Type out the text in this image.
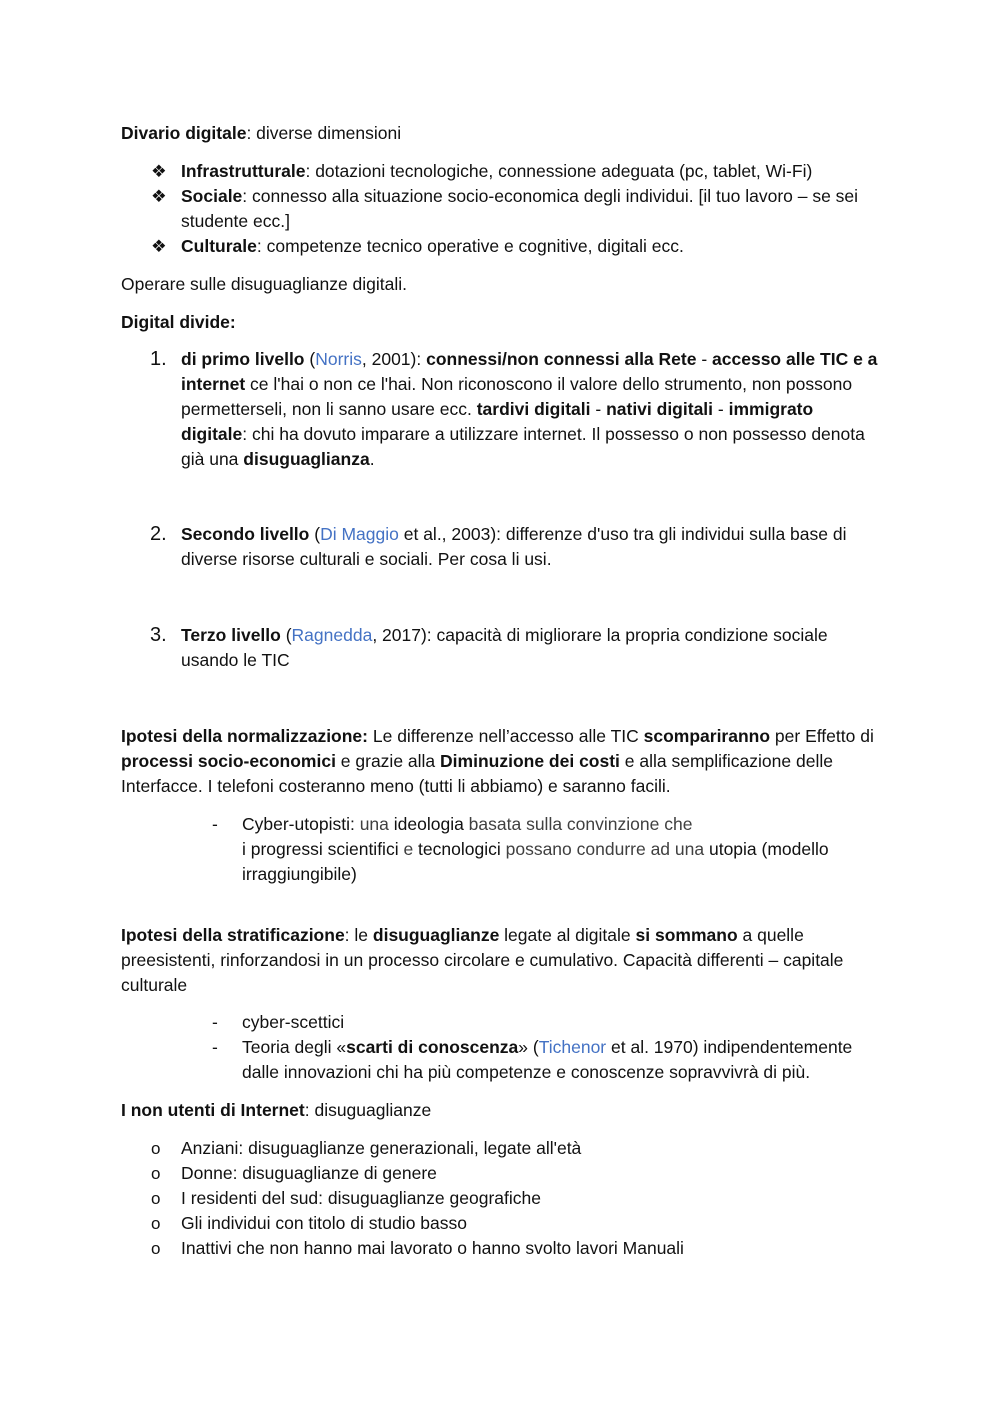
Divario digitale: diverse dimensioni
❖ Infrastrutturale: dotazioni tecnologiche, connessione adeguata (pc, tablet, Wi-Fi)
❖ Sociale: connesso alla situazione socio-economica degli individui. [il tuo lavoro – se sei studente ecc.]
❖ Culturale: competenze tecnico operative e cognitive, digitali ecc.
Operare sulle disuguaglianze digitali.
Digital divide:
1. di primo livello (Norris, 2001): connessi/non connessi alla Rete - accesso alle TIC e a internet ce l'hai o non ce l'hai. Non riconoscono il valore dello strumento, non possono permetterseli, non li sanno usare ecc. tardivi digitali - nativi digitali - immigrato digitale: chi ha dovuto imparare a utilizzare internet. Il possesso o non possesso denota già una disuguaglianza.
2. Secondo livello (Di Maggio et al., 2003): differenze d'uso tra gli individui sulla base di diverse risorse culturali e sociali. Per cosa li usi.
3. Terzo livello (Ragnedda, 2017): capacità di migliorare la propria condizione sociale usando le TIC
Ipotesi della normalizzazione: Le differenze nell’accesso alle TIC scompariranno per Effetto di processi socio-economici e grazie alla Diminuzione dei costi e alla semplificazione delle Interfacce. I telefoni costeranno meno (tutti li abbiamo) e saranno facili.
- Cyber-utopisti: una ideologia basata sulla convinzione che
i progressi scientifici e tecnologici possano condurre ad una utopia (modello irraggiungibile)
Ipotesi della stratificazione: le disuguaglianze legate al digitale si sommano a quelle preesistenti, rinforzandosi in un processo circolare e cumulativo. Capacità differenti – capitale culturale
- cyber-scettici
- Teoria degli «scarti di conoscenza» (Tichenor et al. 1970) indipendentemente dalle innovazioni chi ha più competenze e conoscenze sopravvivrà di più.
I non utenti di Internet: disuguaglianze
o Anziani: disuguaglianze generazionali, legate all'età
o Donne: disuguaglianze di genere
o I residenti del sud: disuguaglianze geografiche
o Gli individui con titolo di studio basso
o Inattivi che non hanno mai lavorato o hanno svolto lavori Manuali
